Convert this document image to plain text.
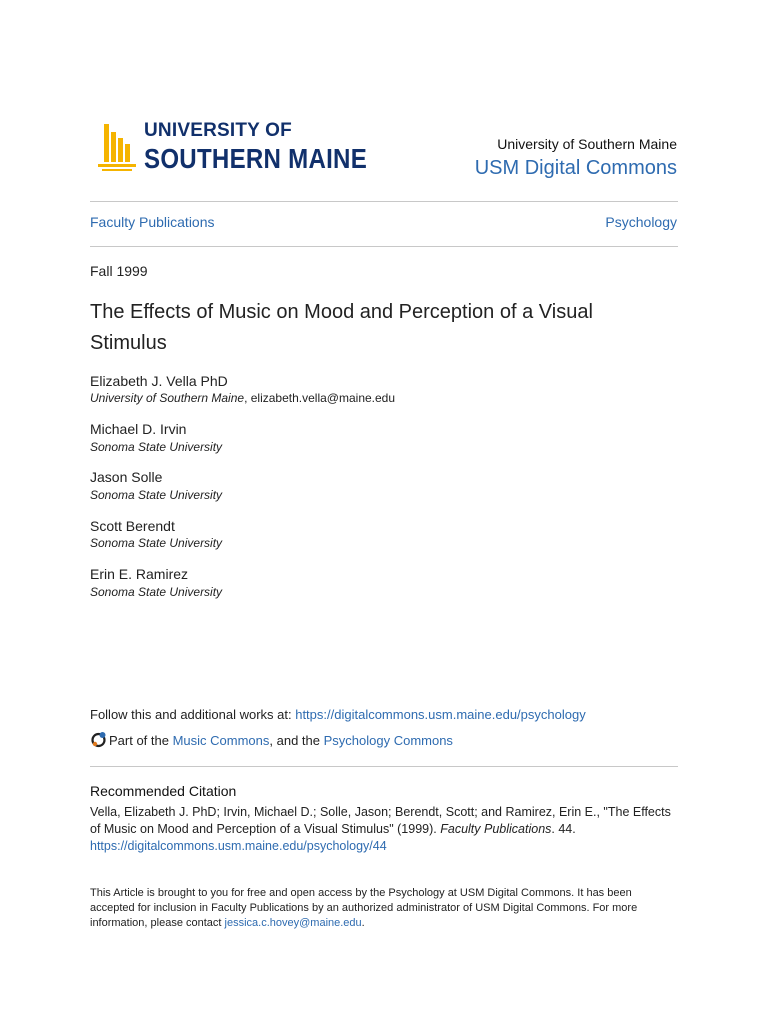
UNIVERSITY OF
SOUTHERN MAINE	University of Southern Maine
USM Digital Commons
Faculty Publications	Psychology
Fall 1999
The Effects of Music on Mood and Perception of a Visual Stimulus
Elizabeth J. Vella PhD
University of Southern Maine, elizabeth.vella@maine.edu
Michael D. Irvin
Sonoma State University
Jason Solle
Sonoma State University
Scott Berendt
Sonoma State University
Erin E. Ramirez
Sonoma State University
Follow this and additional works at: https://digitalcommons.usm.maine.edu/psychology
Part of the Music Commons, and the Psychology Commons
Recommended Citation
Vella, Elizabeth J. PhD; Irvin, Michael D.; Solle, Jason; Berendt, Scott; and Ramirez, Erin E., "The Effects of Music on Mood and Perception of a Visual Stimulus" (1999). Faculty Publications. 44.
https://digitalcommons.usm.maine.edu/psychology/44
This Article is brought to you for free and open access by the Psychology at USM Digital Commons. It has been accepted for inclusion in Faculty Publications by an authorized administrator of USM Digital Commons. For more information, please contact jessica.c.hovey@maine.edu.
